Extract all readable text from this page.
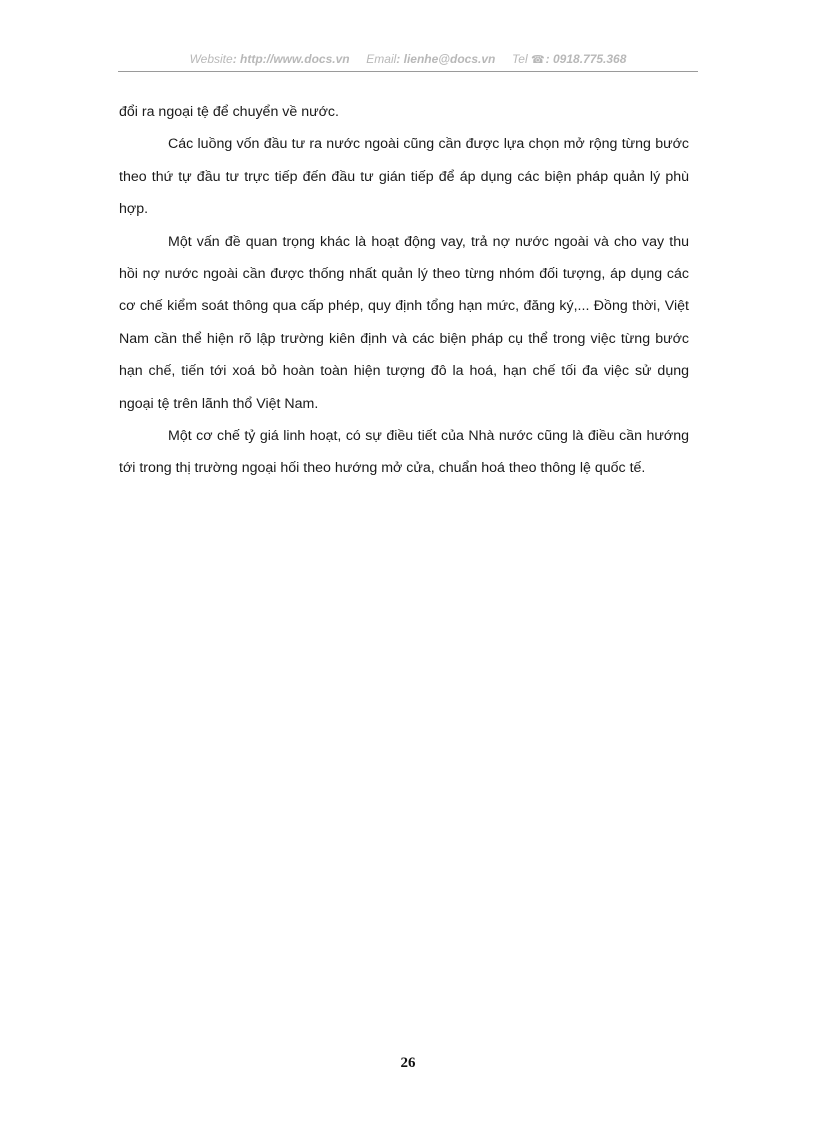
Website: http://www.docs.vn Email: lienhe@docs.vn Tel ☎: 0918.775.368

đổi ra ngoại tệ để chuyển về nước.

Các luồng vốn đầu tư ra nước ngoài cũng cần được lựa chọn mở rộng từng bước theo thứ tự đầu tư trực tiếp đến đầu tư gián tiếp để áp dụng các biện pháp quản lý phù hợp.

Một vấn đề quan trọng khác là hoạt động vay, trả nợ nước ngoài và cho vay thu hồi nợ nước ngoài cần được thống nhất quản lý theo từng nhóm đối tượng, áp dụng các cơ chế kiểm soát thông qua cấp phép, quy định tổng hạn mức, đăng ký,... Đồng thời, Việt Nam cần thể hiện rõ lập trường kiên định và các biện pháp cụ thể trong việc từng bước hạn chế, tiến tới xoá bỏ hoàn toàn hiện tượng đô la hoá, hạn chế tối đa việc sử dụng ngoại tệ trên lãnh thổ Việt Nam.

Một cơ chế tỷ giá linh hoạt, có sự điều tiết của Nhà nước cũng là điều cần hướng tới trong thị trường ngoại hối theo hướng mở cửa, chuẩn hoá theo thông lệ quốc tế.

26
